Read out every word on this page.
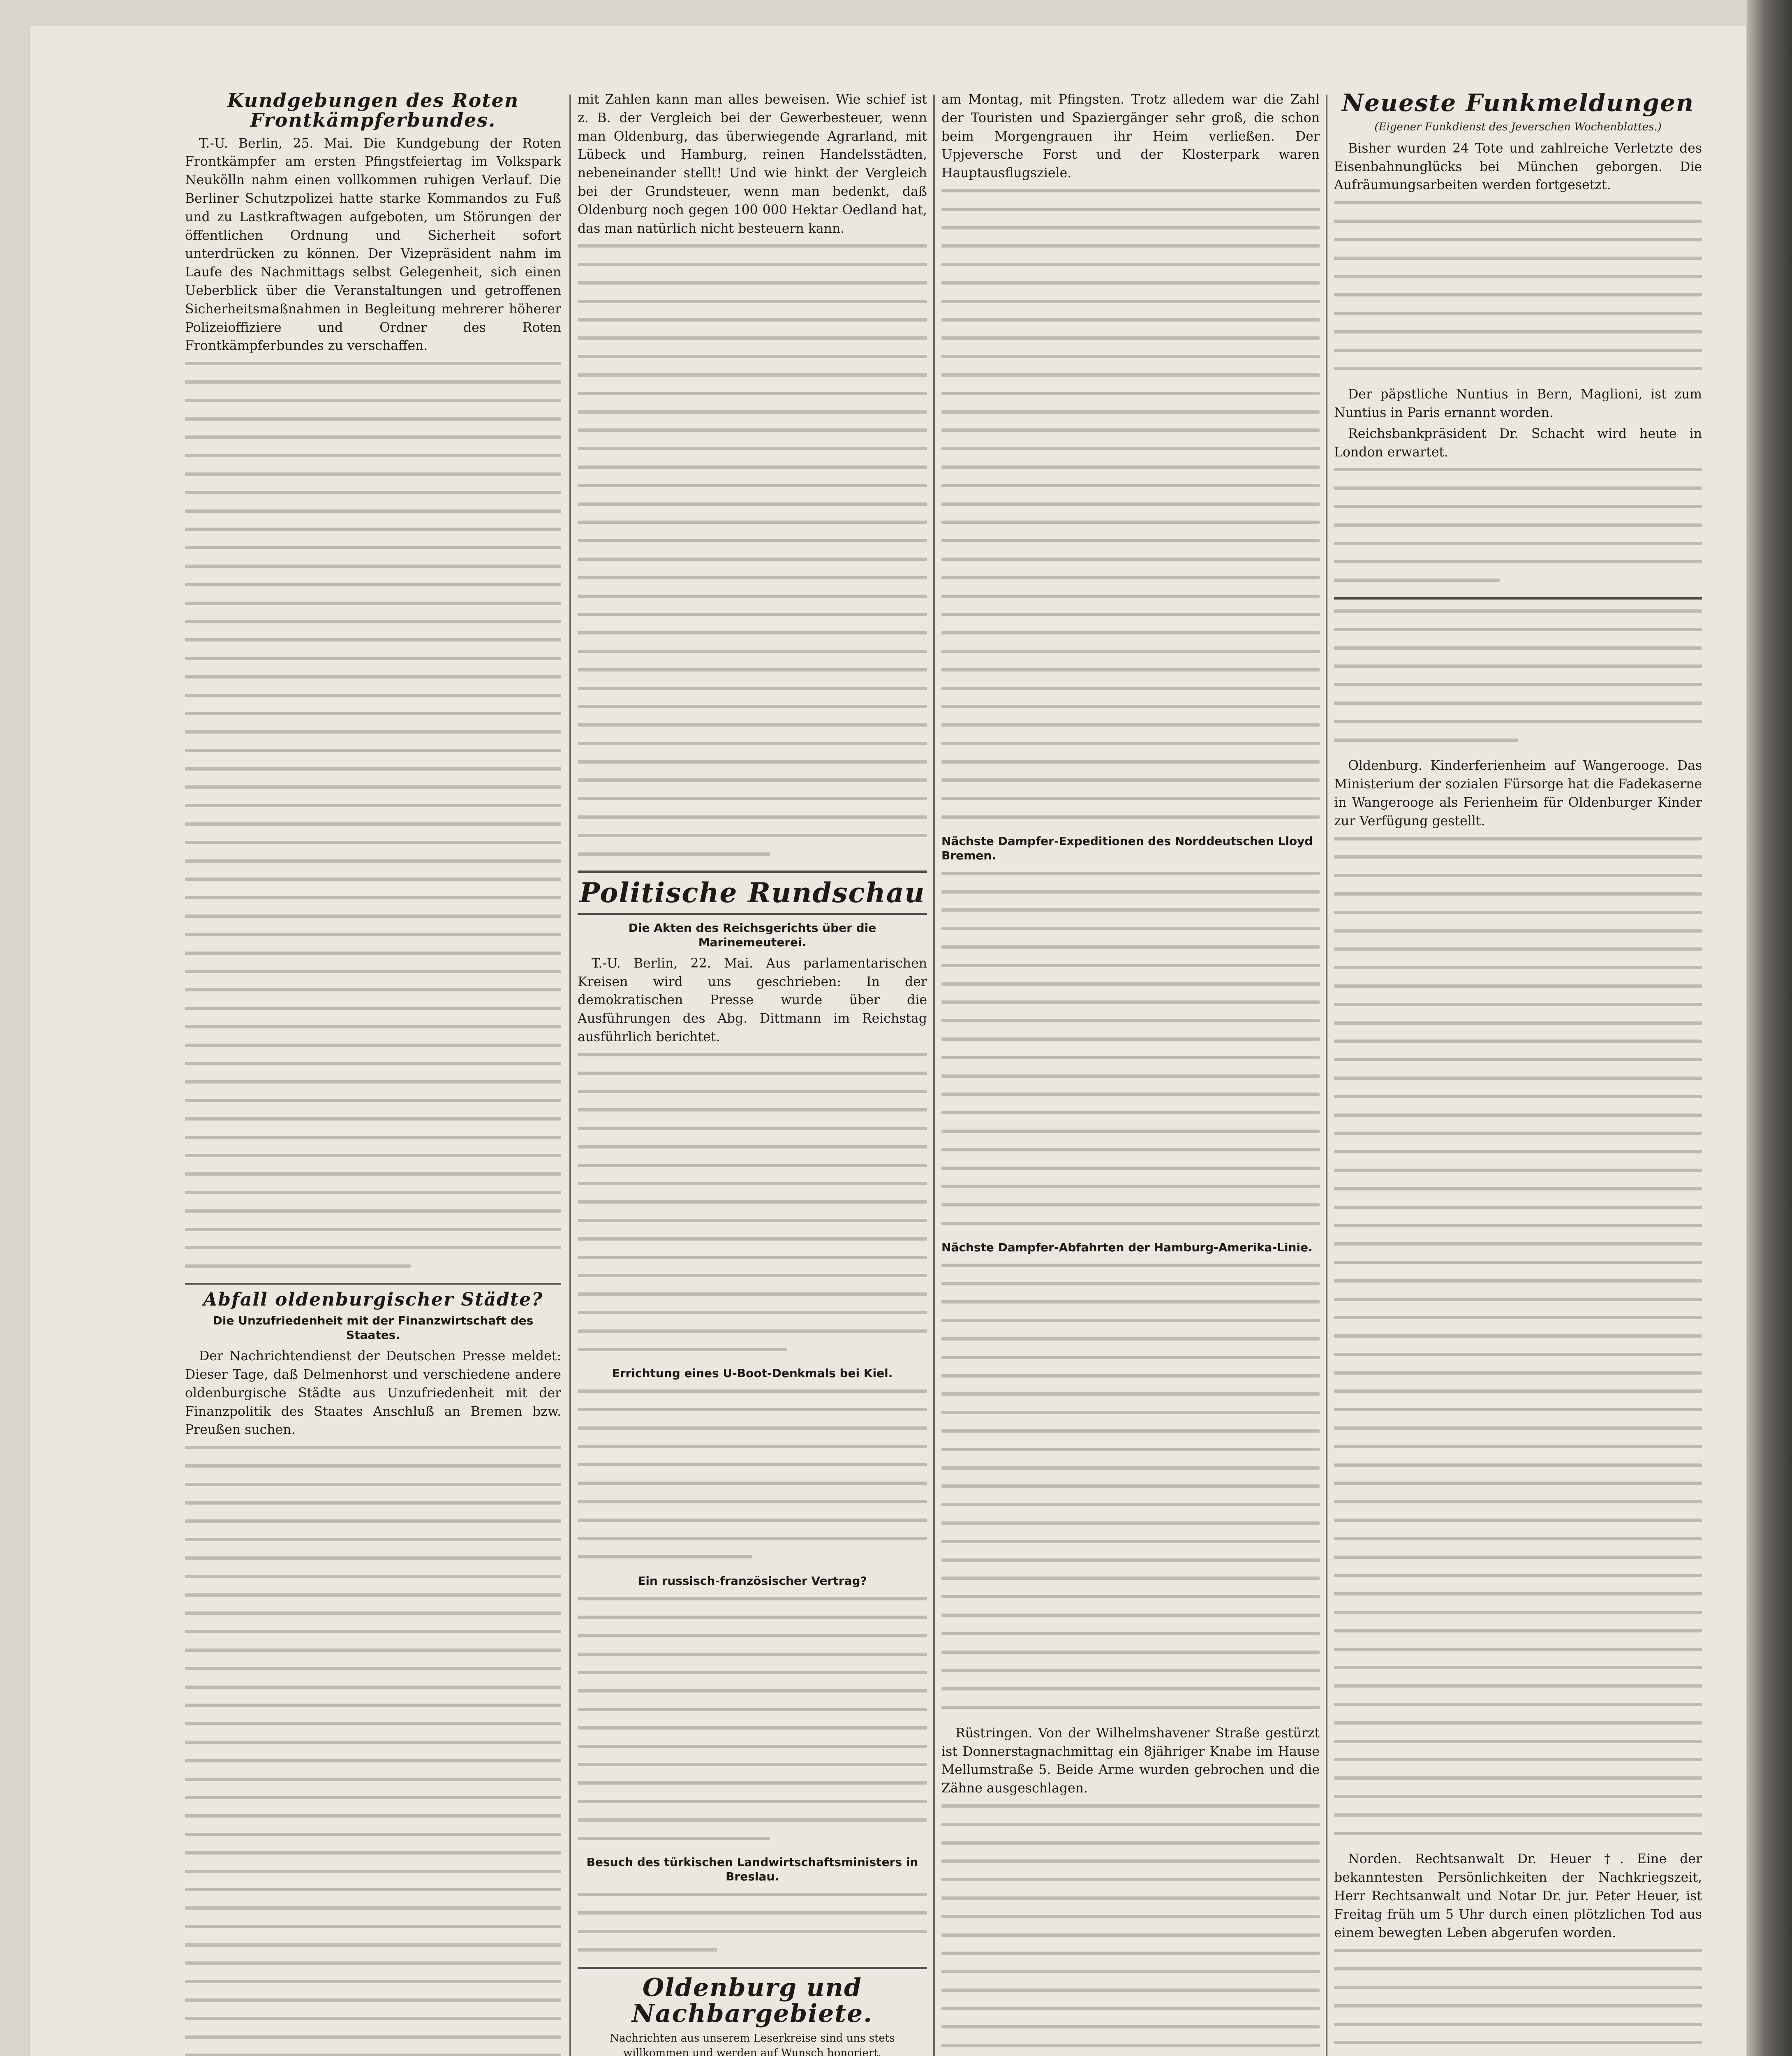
Kundgebungen des Roten Frontkämpferbundes.

T.-U. Berlin, 25. Mai. Die Kundgebung der Roten Frontkämpfer am ersten Pfingstfeiertag im Volkspark Neukölln nahm einen vollkommen ruhigen Verlauf. Die Berliner Schutzpolizei hatte starke Kommandos zu Fuß und zu Lastkraftwagen aufgeboten, um Störungen der öffentlichen Ordnung und Sicherheit sofort unterdrücken zu können. Der Vizepräsident nahm im Laufe des Nachmittags selbst Gelegenheit, sich einen Ueberblick über die Veranstaltungen und getroffenen Sicherheitsmaßnahmen in Begleitung mehrerer höherer Polizeioffiziere und Ordner des Roten Frontkämpferbundes zu verschaffen.

Abfall oldenburgischer Städte?
Die Unzufriedenheit mit der Finanzwirtschaft des Staates.

Der Nachrichtendienst der Deutschen Presse meldet: Dieser Tage, daß Delmenhorst und verschiedene andere oldenburgische Städte aus Unzufriedenheit mit der Finanzpolitik des Staates Anschluß an Bremen bzw. Preußen suchen.

mit Zahlen kann man alles beweisen. Wie schief ist z. B. der Vergleich bei der Gewerbesteuer, wenn man Oldenburg, das überwiegende Agrarland, mit Lübeck und Hamburg, reinen Handelsstädten, nebeneinander stellt! Und wie hinkt der Vergleich bei der Grundsteuer, wenn man bedenkt, daß Oldenburg noch gegen 100 000 Hektar Oedland hat, das man natürlich nicht besteuern kann.

Politische Rundschau
Die Akten des Reichsgerichts über die Marinemeuterei.

T.-U. Berlin, 22. Mai. Aus parlamentarischen Kreisen wird uns geschrieben: In der demokratischen Presse wurde über die Ausführungen des Abg. Dittmann im Reichstag ausführlich berichtet.

Errichtung eines U-Boot-Denkmals bei Kiel.
Ein russisch-französischer Vertrag?
Besuch des türkischen Landwirtschaftsministers in Breslau.
Oldenburg und Nachbargebiete.
Nachrichten aus unserem Leserkreise sind uns stets willkommen und werden auf Wunsch honoriert.

am Montag, mit Pfingsten. Trotz alledem war die Zahl der Touristen und Spaziergänger sehr groß, die schon beim Morgengrauen ihr Heim verließen. Der Upjeversche Forst und der Klosterpark waren Hauptausflugsziele.

Nächste Dampfer-Expeditionen des Norddeutschen Lloyd Bremen.
Nächste Dampfer-Abfahrten der Hamburg-Amerika-Linie.

Rüstringen. Von der Wilhelmshavener Straße gestürzt ist Donnerstagnachmittag ein 8jähriger Knabe im Hause Mellumstraße 5. Beide Arme wurden gebrochen und die Zähne ausgeschlagen.

Neueste Funkmeldungen
(Eigener Funkdienst des Jeverschen Wochenblattes.)

Bisher wurden 24 Tote und zahlreiche Verletzte des Eisenbahnunglücks bei München geborgen. Die Aufräumungsarbeiten werden fortgesetzt.

Der päpstliche Nuntius in Bern, Maglioni, ist zum Nuntius in Paris ernannt worden.

Reichsbankpräsident Dr. Schacht wird heute in London erwartet.

Oldenburg. Kinderferienheim auf Wangerooge. Das Ministerium der sozialen Fürsorge hat die Fadekaserne in Wangerooge als Ferienheim für Oldenburger Kinder zur Verfügung gestellt.

Norden. Rechtsanwalt Dr. Heuer †. Eine der bekanntesten Persönlichkeiten der Nachkriegszeit, Herr Rechtsanwalt und Notar Dr. jur. Peter Heuer, ist Freitag früh um 5 Uhr durch einen plötzlichen Tod aus einem bewegten Leben abgerufen worden.
